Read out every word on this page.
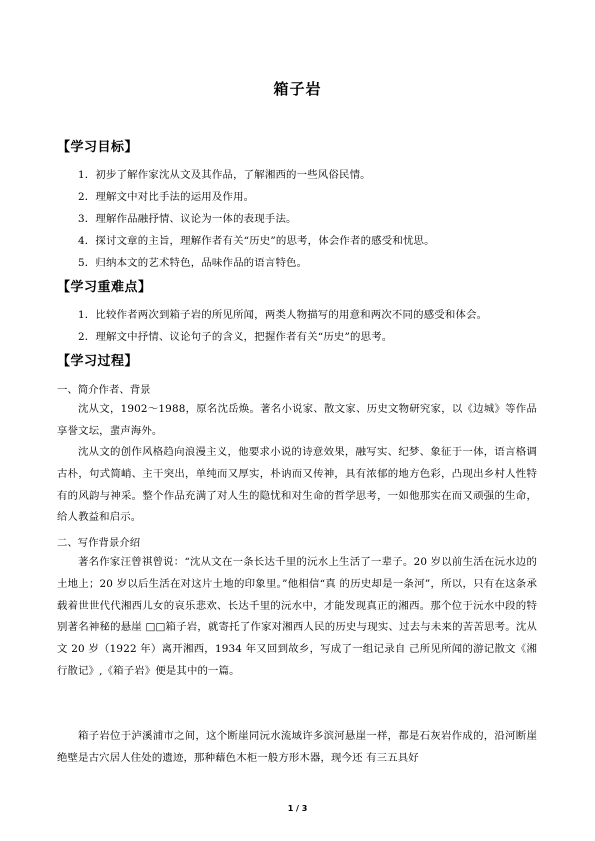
箱子岩
【学习目标】
1．初步了解作家沈从文及其作品，了解湘西的一些风俗民情。
2．理解文中对比手法的运用及作用。
3．理解作品融抒情、议论为一体的表现手法。
4．探讨文章的主旨，理解作者有关“历史”的思考，体会作者的感受和忧思。
5．归纳本文的艺术特色，品味作品的语言特色。
【学习重难点】
1．比较作者两次到箱子岩的所见所闻，两类人物描写的用意和两次不同的感受和体会。
2．理解文中抒情、议论句子的含义，把握作者有关“历史”的思考。
【学习过程】
一、简介作者、背景
沈从文，1902～1988，原名沈岳焕。著名小说家、散文家、历史文物研究家，以《边城》等作品享誉文坛，蜚声海外。
沈从文的创作风格趋向浪漫主义，他要求小说的诗意效果，融写实、纪梦、象征于一体，语言格调古朴，句式简峭、主干突出，单纯而又厚实，朴讷而又传神，具有浓郁的地方色彩，凸现出乡村人性特有的风韵与神采。整个作品充满了对人生的隐忧和对生命的哲学思考，一如他那实在而又顽强的生命，给人教益和启示。
二、写作背景介绍
著名作家汪曾祺曾说：“沈从文在一条长达千里的沅水上生活了一辈子。20 岁以前生活在沅水边的土地上；20 岁以后生活在对这片土地的印象里。”他相信“真 的历史却是一条河”，所以，只有在这条承载着世世代代湘西儿女的哀乐悲欢、长达千里的沅水中，才能发现真正的湘西。那个位于沅水中段的特别著名神秘的悬崖 □□箱子岩，就寄托了作家对湘西人民的历史与现实、过去与未来的苦苦思考。沈从文 20 岁（1922 年）离开湘西，1934 年又回到故乡，写成了一组记录自 己所见所闻的游记散文《湘行散记》,《箱子岩》便是其中的一篇。
箱子岩位于泸溪浦市之间，这个断崖同沅水流域许多滨河悬崖一样，都是石灰岩作成的，沿河断崖绝壁是古穴居人住处的遗迹，那种藉色木柜一般方形木器，现今还 有三五具好
1 / 3
